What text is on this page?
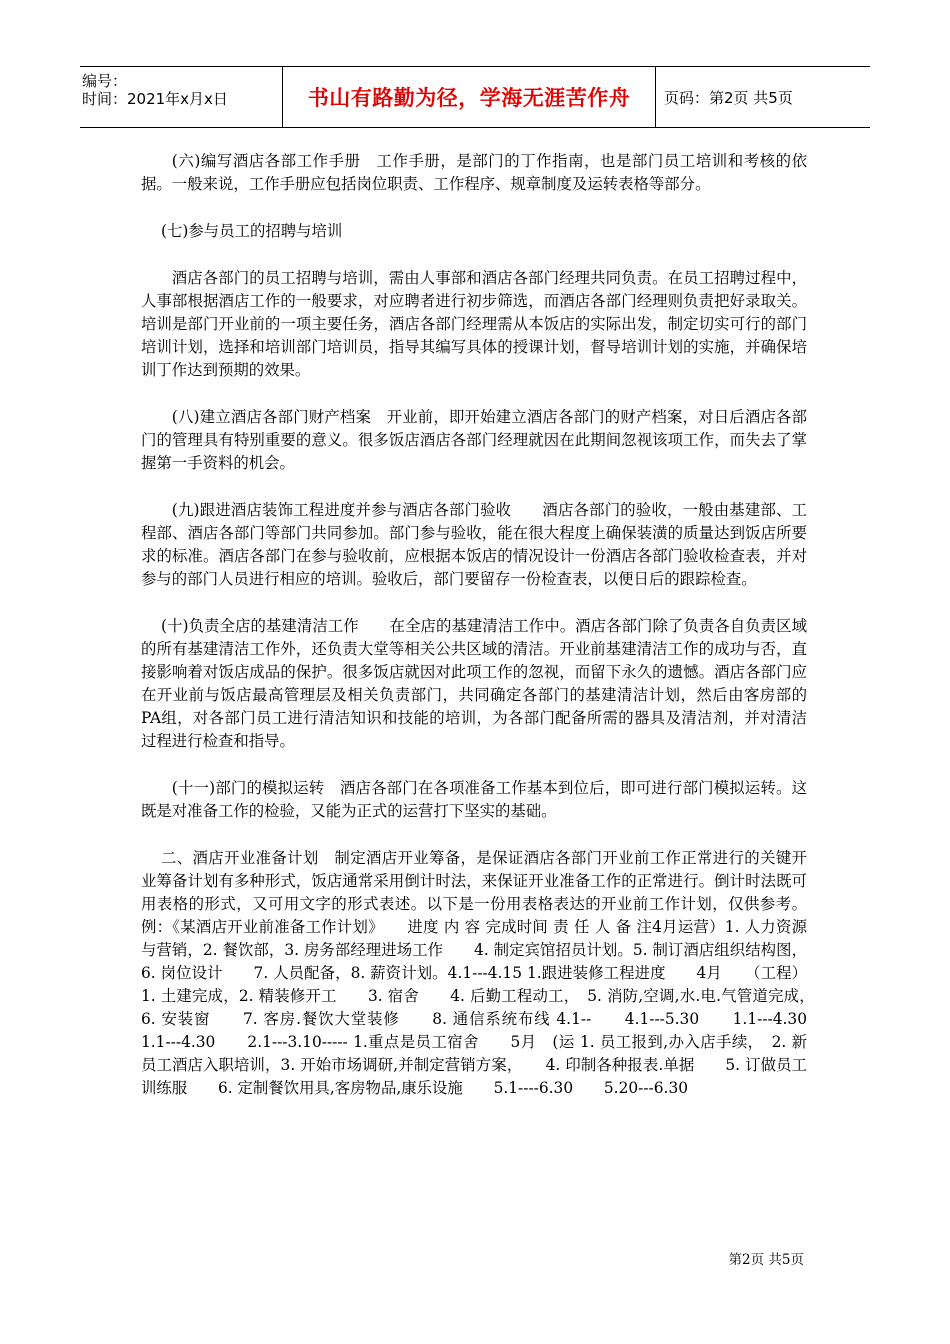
编号：
时间：2021年x月x日	书山有路勤为径，学海无涯苦作舟	页码：第2页 共5页

(六)编写酒店各部工作手册　工作手册，是部门的丁作指南，也是部门员工培训和考核的依据。一般来说，工作手册应包括岗位职责、工作程序、规章制度及运转表格等部分。

(七)参与员工的招聘与培训

酒店各部门的员工招聘与培训，需由人事部和酒店各部门经理共同负责。在员工招聘过程中，人事部根据酒店工作的一般要求，对应聘者进行初步筛选，而酒店各部门经理则负责把好录取关。培训是部门开业前的一项主要任务，酒店各部门经理需从本饭店的实际出发，制定切实可行的部门培训计划，选择和培训部门培训员，指导其编写具体的授课计划，督导培训计划的实施，并确保培训丁作达到预期的效果。

(八)建立酒店各部门财产档案　开业前，即开始建立酒店各部门的财产档案，对日后酒店各部门的管理具有特别重要的意义。很多饭店酒店各部门经理就因在此期间忽视该项工作，而失去了掌握第一手资料的机会。

(九)跟进酒店装饰工程进度并参与酒店各部门验收　　酒店各部门的验收，一般由基建部、工程部、酒店各部门等部门共同参加。部门参与验收，能在很大程度上确保装潢的质量达到饭店所要求的标准。酒店各部门在参与验收前，应根据本饭店的情况设计一份酒店各部门验收检查表，并对参与的部门人员进行相应的培训。验收后，部门要留存一份检查表，以便日后的跟踪检查。

(十)负责全店的基建清洁工作　　在全店的基建清洁工作中。酒店各部门除了负责各自负责区域的所有基建清洁工作外，还负责大堂等相关公共区域的清洁。开业前基建清洁工作的成功与否，直接影响着对饭店成品的保护。很多饭店就因对此项工作的忽视，而留下永久的遗憾。酒店各部门应在开业前与饭店最高管理层及相关负责部门，共同确定各部门的基建清洁计划，然后由客房部的PA组，对各部门员工进行清洁知识和技能的培训，为各部门配备所需的器具及清洁剂，并对清洁过程进行检查和指导。

(十一)部门的模拟运转　酒店各部门在各项准备工作基本到位后，即可进行部门模拟运转。这既是对准备工作的检验，又能为正式的运营打下坚实的基础。

二、酒店开业准备计划　制定酒店开业筹备，是保证酒店各部门开业前工作正常进行的关键开业筹备计划有多种形式，饭店通常采用倒计时法，来保证开业准备工作的正常进行。倒计时法既可用表格的形式，又可用文字的形式表述。以下是一份用表格表达的开业前工作计划，仅供参考。例：《某酒店开业前准备工作计划》　　进度 内 容 完成时间 责 任 人 备 注4月运营）1. 人力资源与营销，2. 餐饮部，3. 房务部经理进场工作　　4. 制定宾馆招员计划。5. 制订酒店组织结构图，6. 岗位设计　　7. 人员配备，8. 薪资计划。4.1---4.15 1.跟进装修工程进度　　4月　　（工程）1. 土建完成，2. 精装修开工　　3. 宿舍　　4. 后勤工程动工，　5. 消防,空调,水.电.气管道完成，　　6. 安装窗　　7. 客房.餐饮大堂装修　　8. 通信系统布线 4.1--　　4.1---5.30　　1.1---4.30　　1.1---4.30　　2.1---3.10----- 1.重点是员工宿舍　　5月　(运 1. 员工报到,办入店手续，　2. 新员工酒店入职培训，3. 开始市场调研,并制定营销方案，　　4. 印制各种报表.单据　　5. 订做员工训练服　　6. 定制餐饮用具,客房物品,康乐设施　　5.1----6.30　　5.20---6.30

第2页 共5页
